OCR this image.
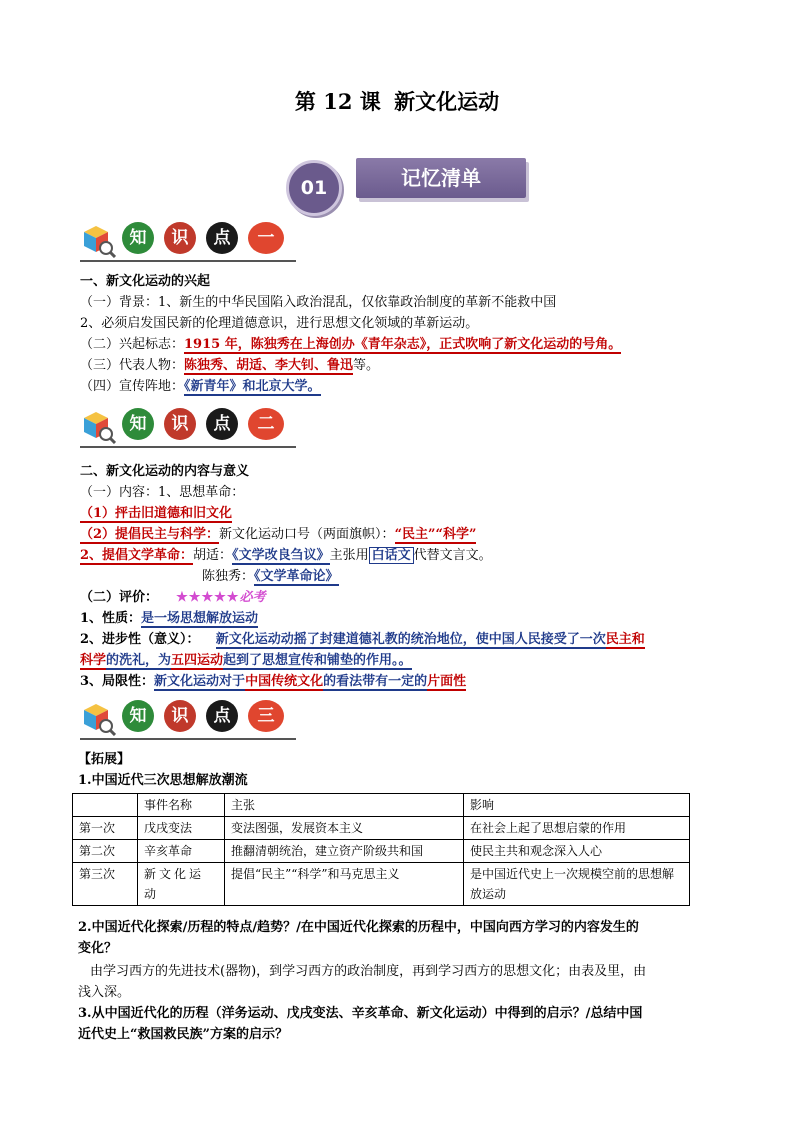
第 12 课 新文化运动
01	记忆清单
知	识	点	一
一、新文化运动的兴起
（一）背景：1、新生的中华民国陷入政治混乱，仅依靠政治制度的革新不能救中国
2、必须启发国民新的伦理道德意识，进行思想文化领域的革新运动。
（二）兴起标志：1915 年，陈独秀在上海创办《青年杂志》，正式吹响了新文化运动的号角。
（三）代表人物：陈独秀、胡适、李大钊、鲁迅等。
（四）宣传阵地：《新青年》和北京大学。
知	识	点	二
二、新文化运动的内容与意义
（一）内容：1、思想革命：
（1）抨击旧道德和旧文化
（2）提倡民主与科学：新文化运动口号（两面旗帜）：“民主”“科学”
2、提倡文学革命：胡适：《文学改良刍议》主张用 白话文 代替文言文。
陈独秀：《文学革命论》
（二）评价： ★★★★★必考
1、性质：是一场思想解放运动
2、进步性（意义）： 新文化运动动摇了封建道德礼教的统治地位，使中国人民接受了一次民主和
科学的洗礼，为五四运动起到了思想宣传和铺垫的作用。。
3、局限性：新文化运动对于中国传统文化的看法带有一定的片面性
知	识	点	三
【拓展】
1.中国近代三次思想解放潮流
	事件名称	主张	影响
第一次	戊戌变法	变法图强，发展资本主义	在社会上起了思想启蒙的作用
第二次	辛亥革命	推翻清朝统治，建立资产阶级共和国	使民主共和观念深入人心
第三次	新文化运动	提倡“民主”“科学”和马克思主义	是中国近代史上一次规模空前的思想解放运动
2.中国近代化探索/历程的特点/趋势？/在中国近代化探索的历程中，中国向西方学习的内容发生的
变化？
由学习西方的先进技术(器物)，到学习西方的政治制度，再到学习西方的思想文化；由表及里，由
浅入深。
3.从中国近代化的历程（洋务运动、戊戌变法、辛亥革命、新文化运动）中得到的启示？/总结中国
近代史上“救国救民族”方案的启示？
